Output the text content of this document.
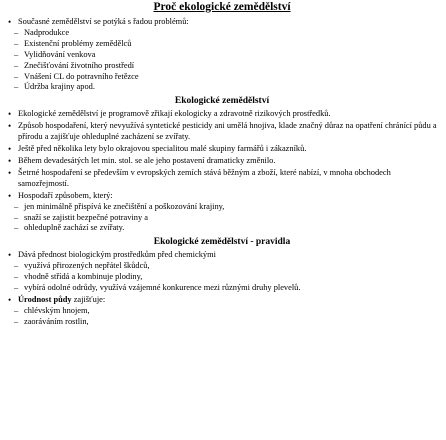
Proč ekologické zemědělství
• Současné zemědělství se potýká s řadou problémů:
– Nadprodukce
– Existenční problémy zemědělců
– Vylidňování venkova
– Znečišťování životního prostředí
– Vnášení CL do potravního řetězce
– Údržba krajiny apod.
Ekologické zemědělství
• Ekologické zemědělství je programově zřikají ekologicky a zdravotně rizikových prostředků.
• Způsob hospodaření, který nevyužívá syntetické pesticidy ani umělá hnojiva, klade značný důraz na opatření chránící půdu a přírodu a zajišťuje ohleduplné zacházení se zvířaty.
• Ještě před několika lety bylo okrajovou specialitou malé skupiny farmářů i zákazníků.
• Během devadesátých let min. stol. se ale jeho postavení dramaticky změnilo.
• Šetrné hospodaření se především v evropských zemích stává běžným a zboží, které nabízí, v mnoha obchodech samozřejmostí.
• Hospodaří způsobem, který:
– jen minimálně přispívá ke znečištění a poškozování krajiny,
– snaží se zajistit bezpečné potraviny a
– ohleduplně zachází se zvířaty.
Ekologické zemědělství - pravidla
• Dává přednost biologickým prostředkům před chemickými
– využívá přirozených nepřátel škůdců,
– vhodně střídá a kombinuje plodiny,
– vybírá odolné odrůdy, využívá vzájemné konkurence mezi různými druhy plevelů.
• Úrodnost půdy zajišťuje:
– chlévským hnojem,
– zaoráváním rostlin,
